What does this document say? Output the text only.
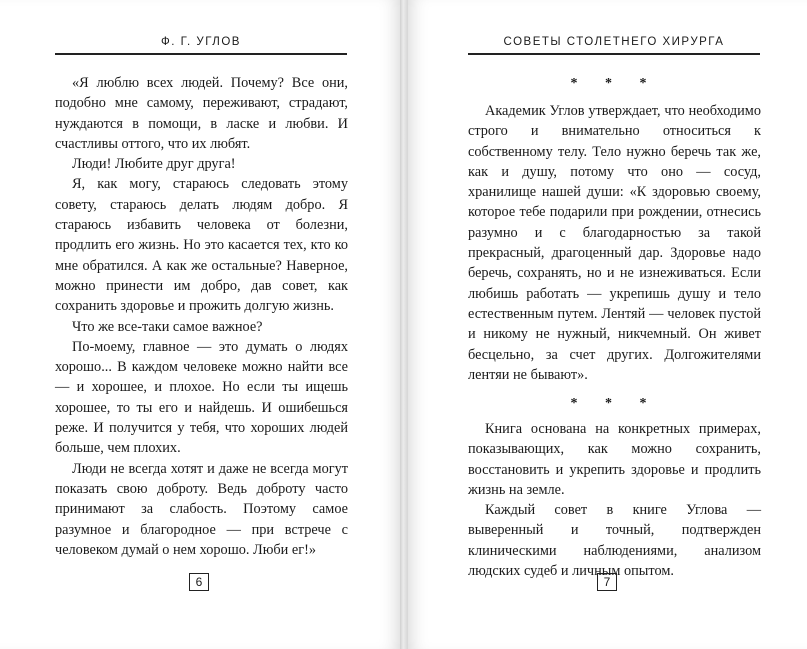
Ф. Г. УГЛОВ

«Я люблю всех людей. Почему? Все они, подобно мне самому, переживают, страдают, нуждаются в помощи, в ласке и любви. И счастливы оттого, что их любят.

Люди! Любите друг друга!

Я, как могу, стараюсь следовать этому совету, стараюсь делать людям добро. Я стараюсь избавить человека от болезни, продлить его жизнь. Но это касается тех, кто ко мне обратился. А как же остальные? Наверное, можно принести им добро, дав совет, как сохранить здоровье и прожить долгую жизнь.

Что же все-таки самое важное?

По-моему, главное — это думать о людях хорошо... В каждом человеке можно найти все — и хорошее, и плохое. Но если ты ищешь хорошее, то ты его и найдешь. И ошибешься реже. И получится у тебя, что хороших людей больше, чем плохих.

Люди не всегда хотят и даже не всегда могут показать свою доброту. Ведь доброту часто принимают за слабость. Поэтому самое разумное и благородное — при встрече с человеком думай о нем хорошо. Люби ег!»

6
СОВЕТЫ СТОЛЕТНЕГО ХИРУРГА
* * *

Академик Углов утверждает, что необходимо строго и внимательно относиться к собственному телу. Тело нужно беречь так же, как и душу, потому что оно — сосуд, хранилище нашей души: «К здоровью своему, которое тебе подарили при рождении, отнесись разумно и с благодарностью за такой прекрасный, драгоценный дар. Здоровье надо беречь, сохранять, но и не изнеживаться. Если любишь работать — укрепишь душу и тело естественным путем. Лентяй — человек пустой и никому не нужный, никчемный. Он живет бесцельно, за счет других. Долгожителями лентяи не бывают».

* * *

Книга основана на конкретных примерах, показывающих, как можно сохранить, восстановить и укрепить здоровье и продлить жизнь на земле.

Каждый совет в книге Углова — выверенный и точный, подтвержден клиническими наблюдениями, анализом людских судеб и личным опытом.

7
